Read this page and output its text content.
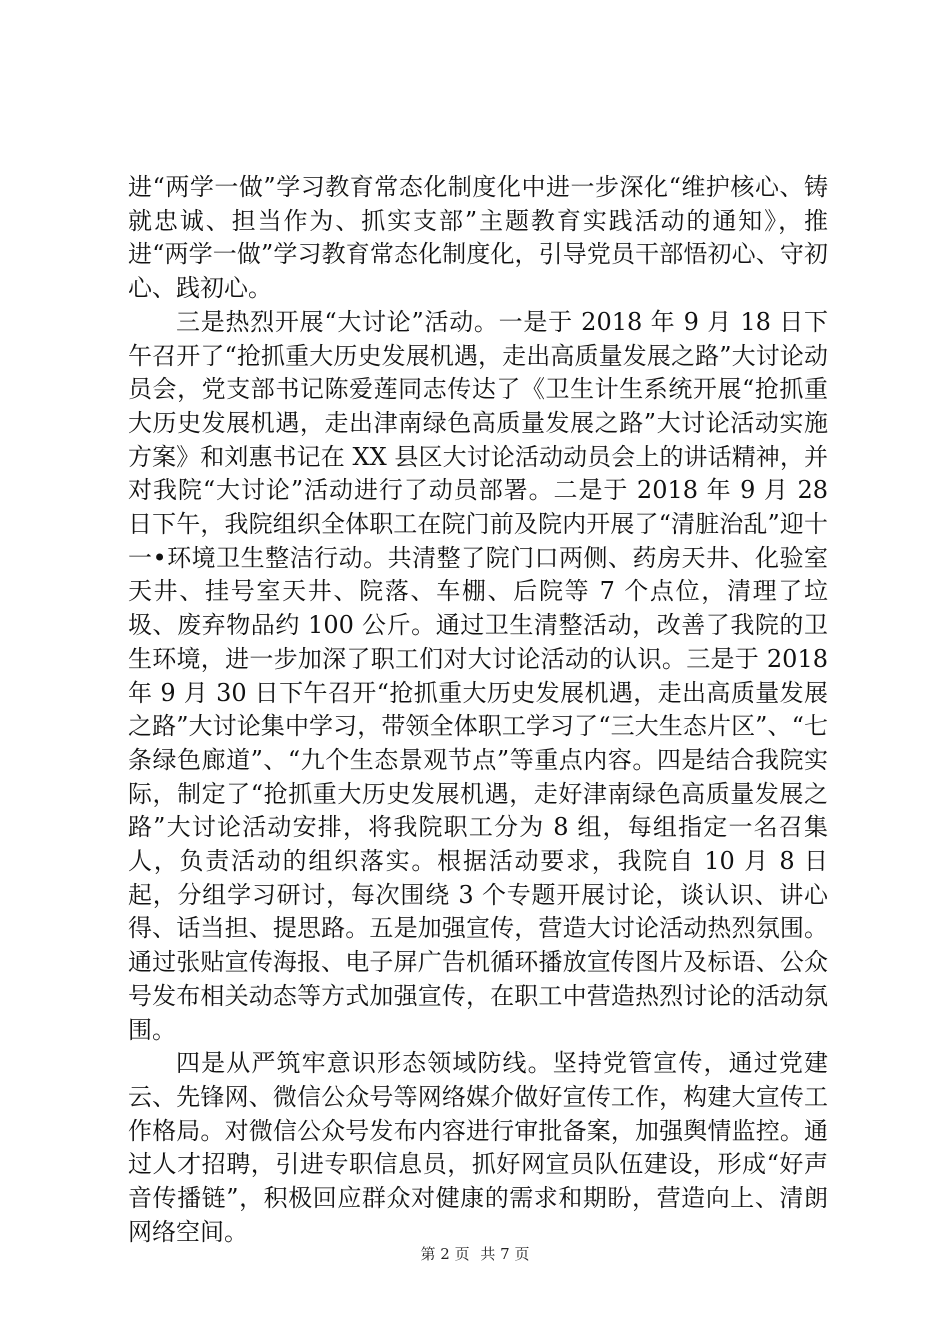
进“两学一做”学习教育常态化制度化中进一步深化“维护核心、铸就忠诚、担当作为、抓实支部”主题教育实践活动的通知》，推进“两学一做”学习教育常态化制度化，引导党员干部悟初心、守初心、践初心。

三是热烈开展“大讨论”活动。一是于 2018 年 9 月 18 日下午召开了“抢抓重大历史发展机遇，走出高质量发展之路”大讨论动员会，党支部书记陈爱莲同志传达了《卫生计生系统开展“抢抓重大历史发展机遇，走出津南绿色高质量发展之路”大讨论活动实施方案》和刘惠书记在 XX 县区大讨论活动动员会上的讲话精神，并对我院“大讨论”活动进行了动员部署。二是于 2018 年 9 月 28 日下午，我院组织全体职工在院门前及院内开展了“清脏治乱”迎十一•环境卫生整洁行动。共清整了院门口两侧、药房天井、化验室天井、挂号室天井、院落、车棚、后院等 7 个点位，清理了垃圾、废弃物品约 100 公斤。通过卫生清整活动，改善了我院的卫生环境，进一步加深了职工们对大讨论活动的认识。三是于 2018 年 9 月 30 日下午召开“抢抓重大历史发展机遇，走出高质量发展之路”大讨论集中学习，带领全体职工学习了“三大生态片区”、“七条绿色廊道”、“九个生态景观节点”等重点内容。四是结合我院实际，制定了“抢抓重大历史发展机遇，走好津南绿色高质量发展之路”大讨论活动安排，将我院职工分为 8 组，每组指定一名召集人，负责活动的组织落实。根据活动要求，我院自 10 月 8 日起，分组学习研讨，每次围绕 3 个专题开展讨论，谈认识、讲心得、话当担、提思路。五是加强宣传，营造大讨论活动热烈氛围。通过张贴宣传海报、电子屏广告机循环播放宣传图片及标语、公众号发布相关动态等方式加强宣传，在职工中营造热烈讨论的活动氛围。

四是从严筑牢意识形态领域防线。坚持党管宣传，通过党建云、先锋网、微信公众号等网络媒介做好宣传工作，构建大宣传工作格局。对微信公众号发布内容进行审批备案，加强舆情监控。通过人才招聘，引进专职信息员，抓好网宣员队伍建设，形成“好声音传播链”，积极回应群众对健康的需求和期盼，营造向上、清朗网络空间。

第 2 页 共 7 页
